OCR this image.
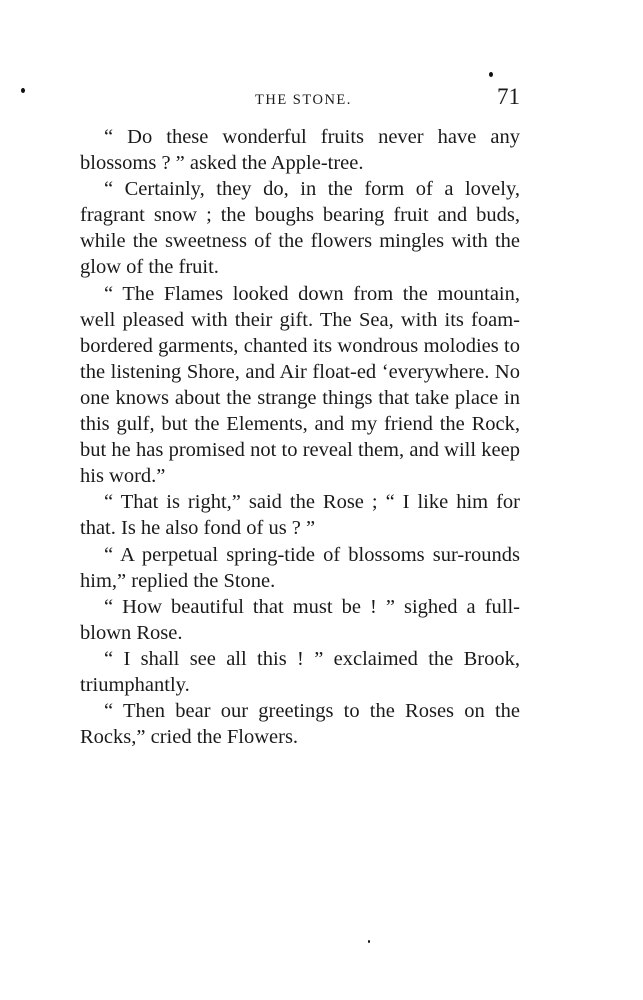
THE STONE.	71

“ Do these wonderful fruits never have any blossoms ? ” asked the Apple-tree.

“ Certainly, they do, in the form of a lovely, fragrant snow ; the boughs bearing fruit and buds, while the sweetness of the flowers mingles with the glow of the fruit.

“ The Flames looked down from the mountain, well pleased with their gift. The Sea, with its foam-bordered garments, chanted its wondrous molodies to the listening Shore, and Air float-ed ‘everywhere. No one knows about the strange things that take place in this gulf, but the Elements, and my friend the Rock, but he has promised not to reveal them, and will keep his word.”

“ That is right,” said the Rose ; “ I like him for that. Is he also fond of us ? ”

“ A perpetual spring-tide of blossoms sur-rounds him,” replied the Stone.

“ How beautiful that must be ! ” sighed a full-blown Rose.

“ I shall see all this ! ” exclaimed the Brook, triumphantly.

“ Then bear our greetings to the Roses on the Rocks,” cried the Flowers.
